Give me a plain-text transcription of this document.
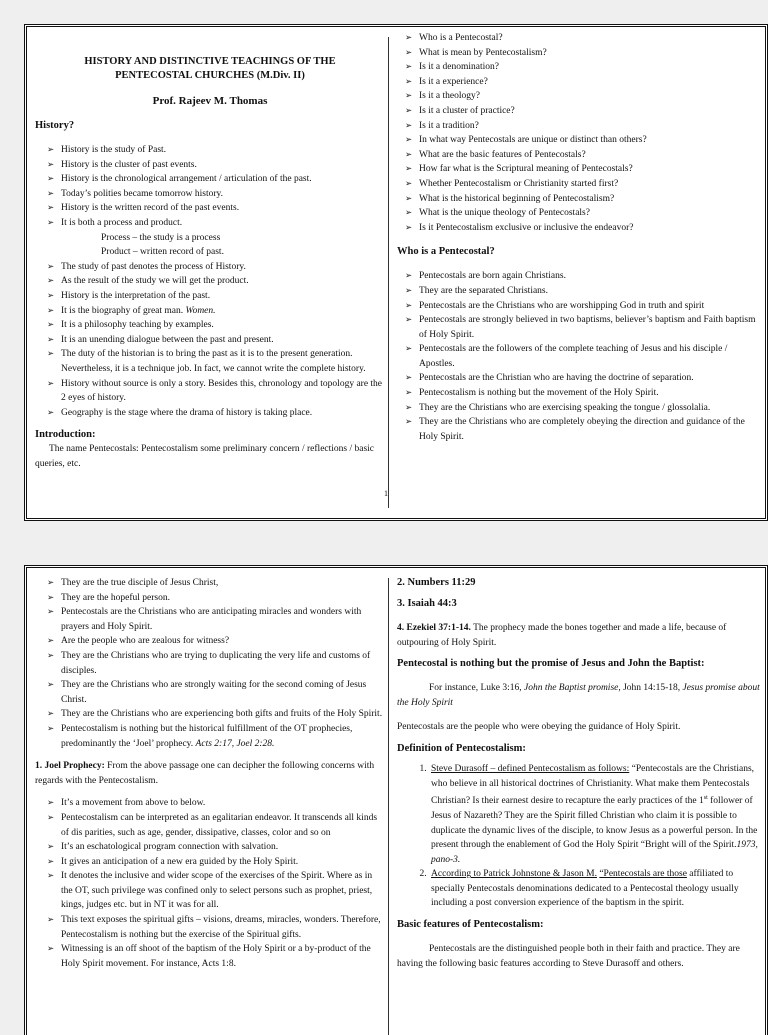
HISTORY AND DISTINCTIVE TEACHINGS OF THE
PENTECOSTAL CHURCHES (M.Div. II)

Prof. Rajeev M. Thomas

History?
➢ History is the study of Past.
➢ History is the cluster of past events.
➢ History is the chronological arrangement / articulation of the past.
➢ Today’s polities became tomorrow history.
➢ History is the written record of the past events.
➢ It is both a process and product.

Process – the study is a process

Product – written record of past.

➢ The study of past denotes the process of History.
➢ As the result of the study we will get the product.
➢ History is the interpretation of the past.
➢ It is the biography of great man. Women.
➢ It is a philosophy teaching by examples.
➢ It is an unending dialogue between the past and present.
➢ The duty of the historian is to bring the past as it is to the present generation. Nevertheless, it is a technique job. In fact, we cannot write the complete history.
➢ History without source is only a story. Besides this, chronology and topology are the 2 eyes of history.
➢ Geography is the stage where the drama of history is taking place.
Introduction:

The name Pentecostals: Pentecostalism some preliminary concern / reflections / basic queries, etc.

➢ Who is a Pentecostal?
➢ What is mean by Pentecostalism?
➢ Is it a denomination?
➢ Is it a experience?
➢ Is it a theology?
➢ Is it a cluster of practice?
➢ Is it a tradition?
➢ In what way Pentecostals are unique or distinct than others?
➢ What are the basic features of Pentecostals?
➢ How far what is the Scriptural meaning of Pentecostals?
➢ Whether Pentecostalism or Christianity started first?
➢ What is the historical beginning of Pentecostalism?
➢ What is the unique theology of Pentecostals?
➢ Is it Pentecostalism exclusive or inclusive the endeavor?
Who is a Pentecostal?
➢ Pentecostals are born again Christians.
➢ They are the separated Christians.
➢ Pentecostals are the Christians who are worshipping God in truth and spirit
➢ Pentecostals are strongly believed in two baptisms, believer’s baptism and Faith baptism of Holy Spirit.
➢ Pentecostals are the followers of the complete teaching of Jesus and his disciple / Apostles.
➢ Pentecostals are the Christian who are having the doctrine of separation.
➢ Pentecostalism is nothing but the movement of the Holy Spirit.
➢ They are the Christians who are exercising speaking the tongue / glossolalia.
➢ They are the Christians who are completely obeying the direction and guidance of the Holy Spirit.
1
➢ They are the true disciple of Jesus Christ,
➢ They are the hopeful person.
➢ Pentecostals are the Christians who are anticipating miracles and wonders with prayers and Holy Spirit.
➢ Are the people who are zealous for witness?
➢ They are the Christians who are trying to duplicating the very life and customs of disciples.
➢ They are the Christians who are strongly waiting for the second coming of Jesus Christ.
➢ They are the Christians who are experiencing both gifts and fruits of the Holy Spirit.
➢ Pentecostalism is nothing but the historical fulfillment of the OT prophecies, predominantly the ‘Joel’ prophecy. Acts 2:17, Joel 2:28.

1. Joel Prophecy: From the above passage one can decipher the following concerns with regards with the Pentecostalism.

➢ It’s a movement from above to below.
➢ Pentecostalism can be interpreted as an egalitarian endeavor. It transcends all kinds of dis parities, such as age, gender, dissipative, classes, color and so on
➢ It’s an eschatological program connection with salvation.
➢ It gives an anticipation of a new era guided by the Holy Spirit.
➢ It denotes the inclusive and wider scope of the exercises of the Spirit. Where as in the OT, such privilege was confined only to select persons such as prophet, priest, kings, judges etc. but in NT it was for all.
➢ This text exposes the spiritual gifts – visions, dreams, miracles, wonders. Therefore, Pentecostalism is nothing but the exercise of the Spiritual gifts.
➢ Witnessing is an off shoot of the baptism of the Holy Spirit or a by-product of the Holy Spirit movement. For instance, Acts 1:8.
2. Numbers 11:29
3. Isaiah 44:3

4. Ezekiel 37:1-14. The prophecy made the bones together and made a life, because of outpouring of Holy Spirit.

Pentecostal is nothing but the promise of Jesus and John the Baptist:

For instance, Luke 3:16, John the Baptist promise, John 14:15-18, Jesus promise about the Holy Spirit

Pentecostals are the people who were obeying the guidance of Holy Spirit.

Definition of Pentecostalism:
1. Steve Durasoff – defined Pentecostalism as follows: “Pentecostals are the Christians, who believe in all historical doctrines of Christianity. What make them Pentecostals Christian? Is their earnest desire to recapture the early practices of the 1st follower of Jesus of Nazareth? They are the Spirit filled Christian who claim it is possible to duplicate the dynamic lives of the disciple, to know Jesus as a powerful person. In the present through the enablement of God the Holy Spirit “Bright will of the Spirit.1973, pano-3.
2. According to Patrick Johnstone & Jason M. “Pentecostals are those affiliated to specially Pentecostals denominations dedicated to a Pentecostal theology usually including a post conversion experience of the baptism in the spirit.
Basic features of Pentecostalism:

Pentecostals are the distinguished people both in their faith and practice. They are having the following basic features according to Steve Durasoff and others.
